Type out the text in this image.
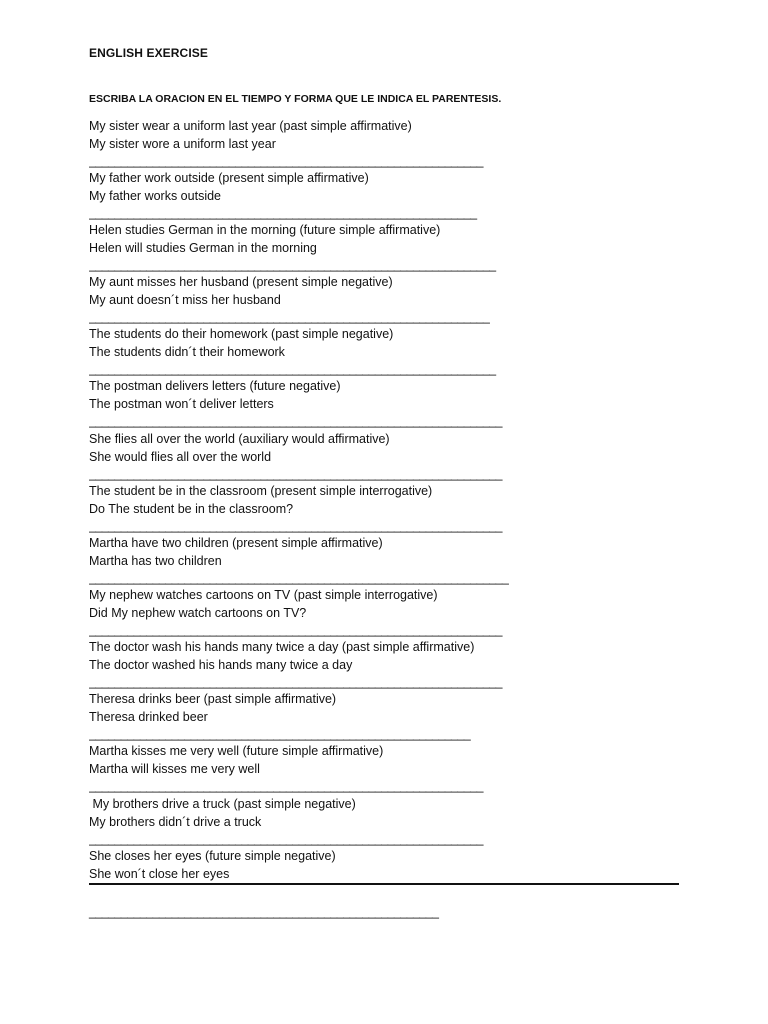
ENGLISH EXERCISE

ESCRIBA LA ORACION EN EL TIEMPO Y FORMA QUE LE INDICA EL PARENTESIS.

My sister wear a uniform last year (past simple affirmative)

My sister wore a uniform last year

______________________________________________________________

My father work outside (present simple affirmative)

My father works outside

_____________________________________________________________

Helen studies German in the morning (future simple affirmative)

Helen will studies German in the morning

________________________________________________________________

My aunt misses her husband (present simple negative)

My aunt doesn´t miss her husband

_______________________________________________________________

The students do their homework (past simple negative)

The students didn´t their homework

________________________________________________________________

The postman delivers letters (future negative)

The postman won´t deliver letters

_________________________________________________________________

She flies all over the world (auxiliary would affirmative)

She would flies all over the world

_________________________________________________________________

The student be in the classroom (present simple interrogative)

Do The student be in the classroom?

_________________________________________________________________

Martha have two children (present simple affirmative)

Martha has two children

__________________________________________________________________

My nephew watches cartoons on TV (past simple interrogative)

Did My nephew watch cartoons on TV?

_________________________________________________________________

The doctor wash his hands many twice a day (past simple affirmative)

The doctor washed his hands many twice a day

_________________________________________________________________

Theresa drinks beer (past simple affirmative)

Theresa drinked beer

____________________________________________________________

Martha kisses me very well (future simple affirmative)

Martha will kisses me very well

______________________________________________________________

My brothers drive a truck (past simple negative)

My brothers didn´t drive a truck

______________________________________________________________

She closes her eyes (future simple negative)

She won´t close her eyes

_______________________________________________________
